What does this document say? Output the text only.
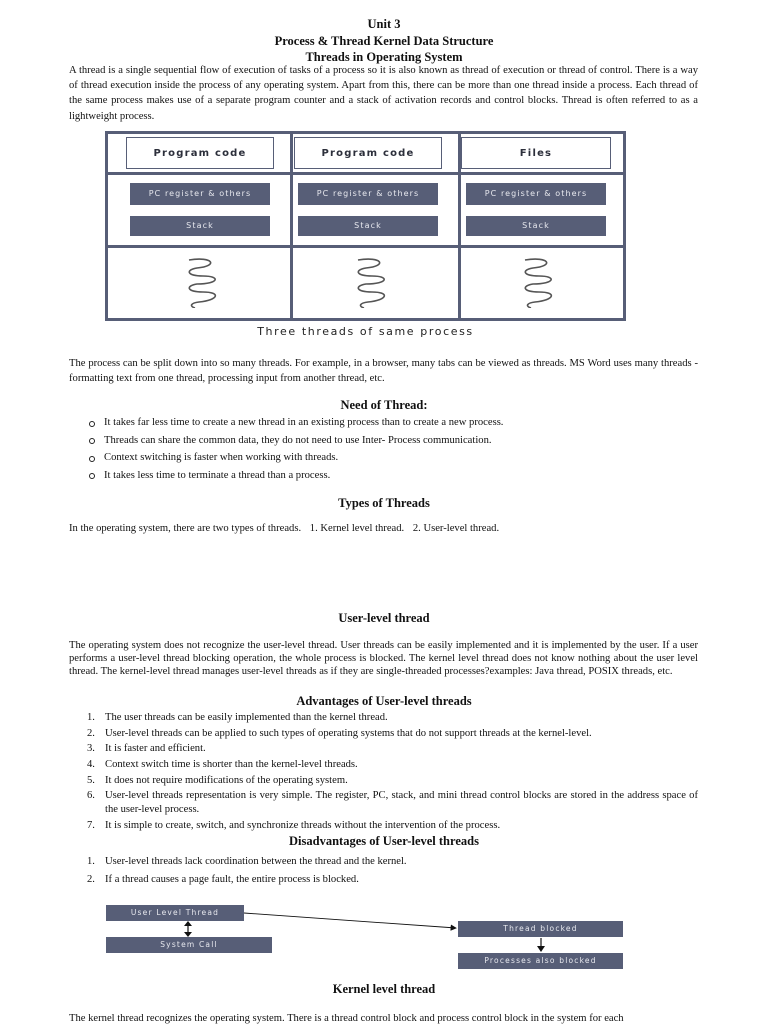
Unit 3
Process & Thread Kernel Data Structure
Threads in Operating System

A thread is a single sequential flow of execution of tasks of a process so it is also known as thread of execution or thread of control. There is a way of thread execution inside the process of any operating system. Apart from this, there can be more than one thread inside a process. Each thread of the same process makes use of a separate program counter and a stack of activation records and control blocks. Thread is often referred to as a lightweight process.

Program code	Program code	Files
PC register & others	PC register & others	PC register & others
Stack	Stack	Stack
Three threads of same process

The process can be split down into so many threads. For example, in a browser, many tabs can be viewed as threads. MS Word uses many threads - formatting text from one thread, processing input from another thread, etc.

Need of Thread:
It takes far less time to create a new thread in an existing process than to create a new process.
Threads can share the common data, they do not need to use Inter- Process communication.
Context switching is faster when working with threads.
It takes less time to terminate a thread than a process.
Types of Threads
In the operating system, there are two types of threads. 1. Kernel level thread. 2. User-level thread.
User-level thread

The operating system does not recognize the user-level thread. User threads can be easily implemented and it is implemented by the user. If a user performs a user-level thread blocking operation, the whole process is blocked. The kernel level thread does not know nothing about the user level thread. The kernel-level thread manages user-level threads as if they are single-threaded processes?examples: Java thread, POSIX threads, etc.

Advantages of User-level threads
1. The user threads can be easily implemented than the kernel thread.
2. User-level threads can be applied to such types of operating systems that do not support threads at the kernel-level.
3. It is faster and efficient.
4. Context switch time is shorter than the kernel-level threads.
5. It does not require modifications of the operating system.
6. User-level threads representation is very simple. The register, PC, stack, and mini thread control blocks are stored in the address space of the user-level process.
7. It is simple to create, switch, and synchronize threads without the intervention of the process.
Disadvantages of User-level threads
1. User-level threads lack coordination between the thread and the kernel.
2. If a thread causes a page fault, the entire process is blocked.
User Level Thread
System Call
Thread blocked
Processes also blocked
Kernel level thread

The kernel thread recognizes the operating system. There is a thread control block and process control block in the system for each
